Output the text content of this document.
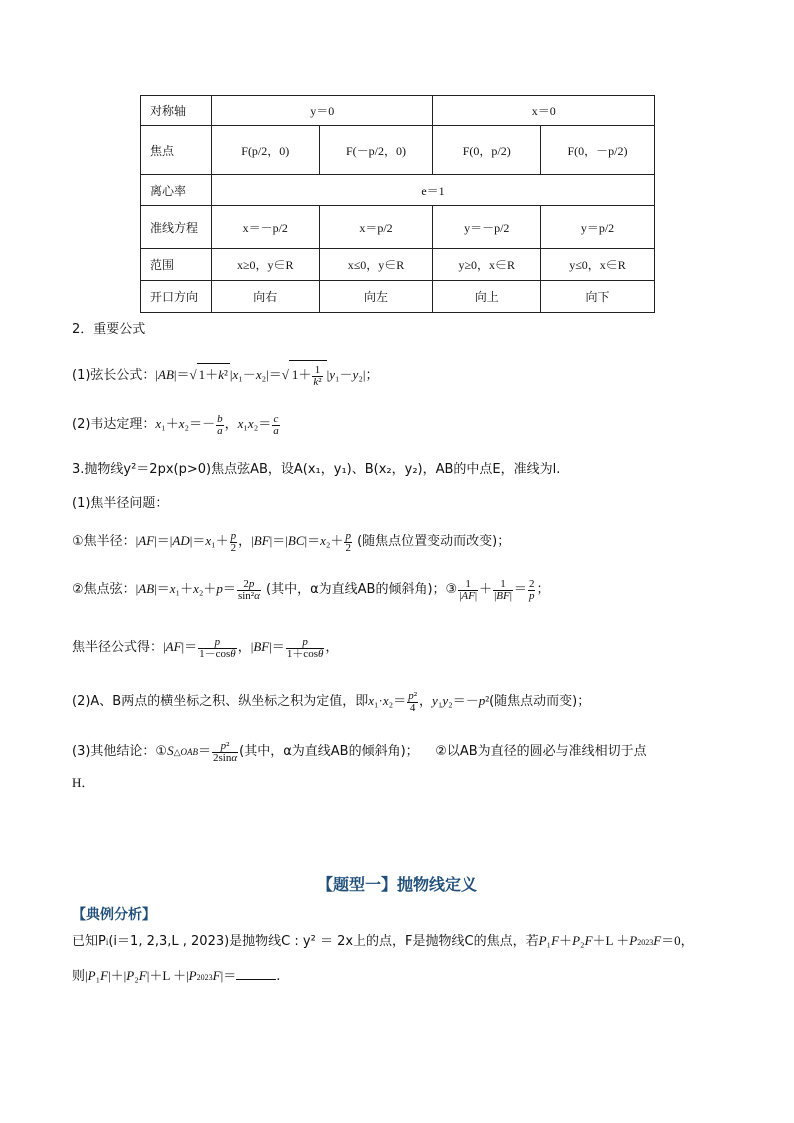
对称轴	y＝0		x＝0	
焦点	F(p/2，0)	F(－p/2，0)	F(0，p/2)	F(0，－p/2)
离心率	e＝1			
准线方程	x＝－p/2	x＝p/2	y＝－p/2	y＝p/2
范围	x≥0，y∈R	x≤0，y∈R	y≥0，x∈R	y≤0，x∈R
开口方向	向右	向左	向上	向下
2．重要公式
(1)弦长公式：|AB|＝√ 1＋k² |x₁－x₂|＝√ $1+ \frac{1}{\text{k²}} |y_1-y_2|$；
(2)韦达定理：$x_1+x_2=- \frac{b}{a}$ ，$x_1x_2= \frac{c}{a}$
3.抛物线y²＝2px(p>0)焦点弦AB，设A(x₁，y₁)、B(x₂，y₂)，AB的中点E，准线为l.
(1)焦半径问题：
①焦半径：$|AF|=|AD|=x_1+ \frac{p}{2}$ ，$|BF|=|BC|=x_2+ \frac{p}{2}$ (随焦点位置变动而改变)；
②焦点弦：$|AB|=x_1+x_2+p= \frac{2p}{\text{sin²α}}$ (其中，α为直线AB的倾斜角)；③ $\frac{1}{|AF|} + \frac{1}{|BF|} = \frac{2}{p}$ ；
焦半径公式得：$|AF|= \frac{p}{1-\cos\theta}$ ，$|BF|= \frac{p}{1+\cos\theta}$ ，
(2)A、B两点的横坐标之积、纵坐标之积为定值，即$x_1\cdot x_2= \frac{\text{p²}}{4}$ ，y₁y₂＝－p²(随焦点动而变)；
(3)其他结论：①S△OAB＝ $\frac{\text{p²}}{2\sin\alpha}$ (其中，α为直线AB的倾斜角)； ②以AB为直径的圆必与准线相切于点
H．
【题型一】抛物线定义
【典例分析】
已知Pi(i＝1, 2,3,L , 2023)是抛物线C : y² ＝ 2x上的点，F是抛物线C的焦点，若P₁F＋P₂F＋L ＋P2023F＝0，
则|P₁F|＋|P₂F|＋L ＋|P2023F|＝	.
